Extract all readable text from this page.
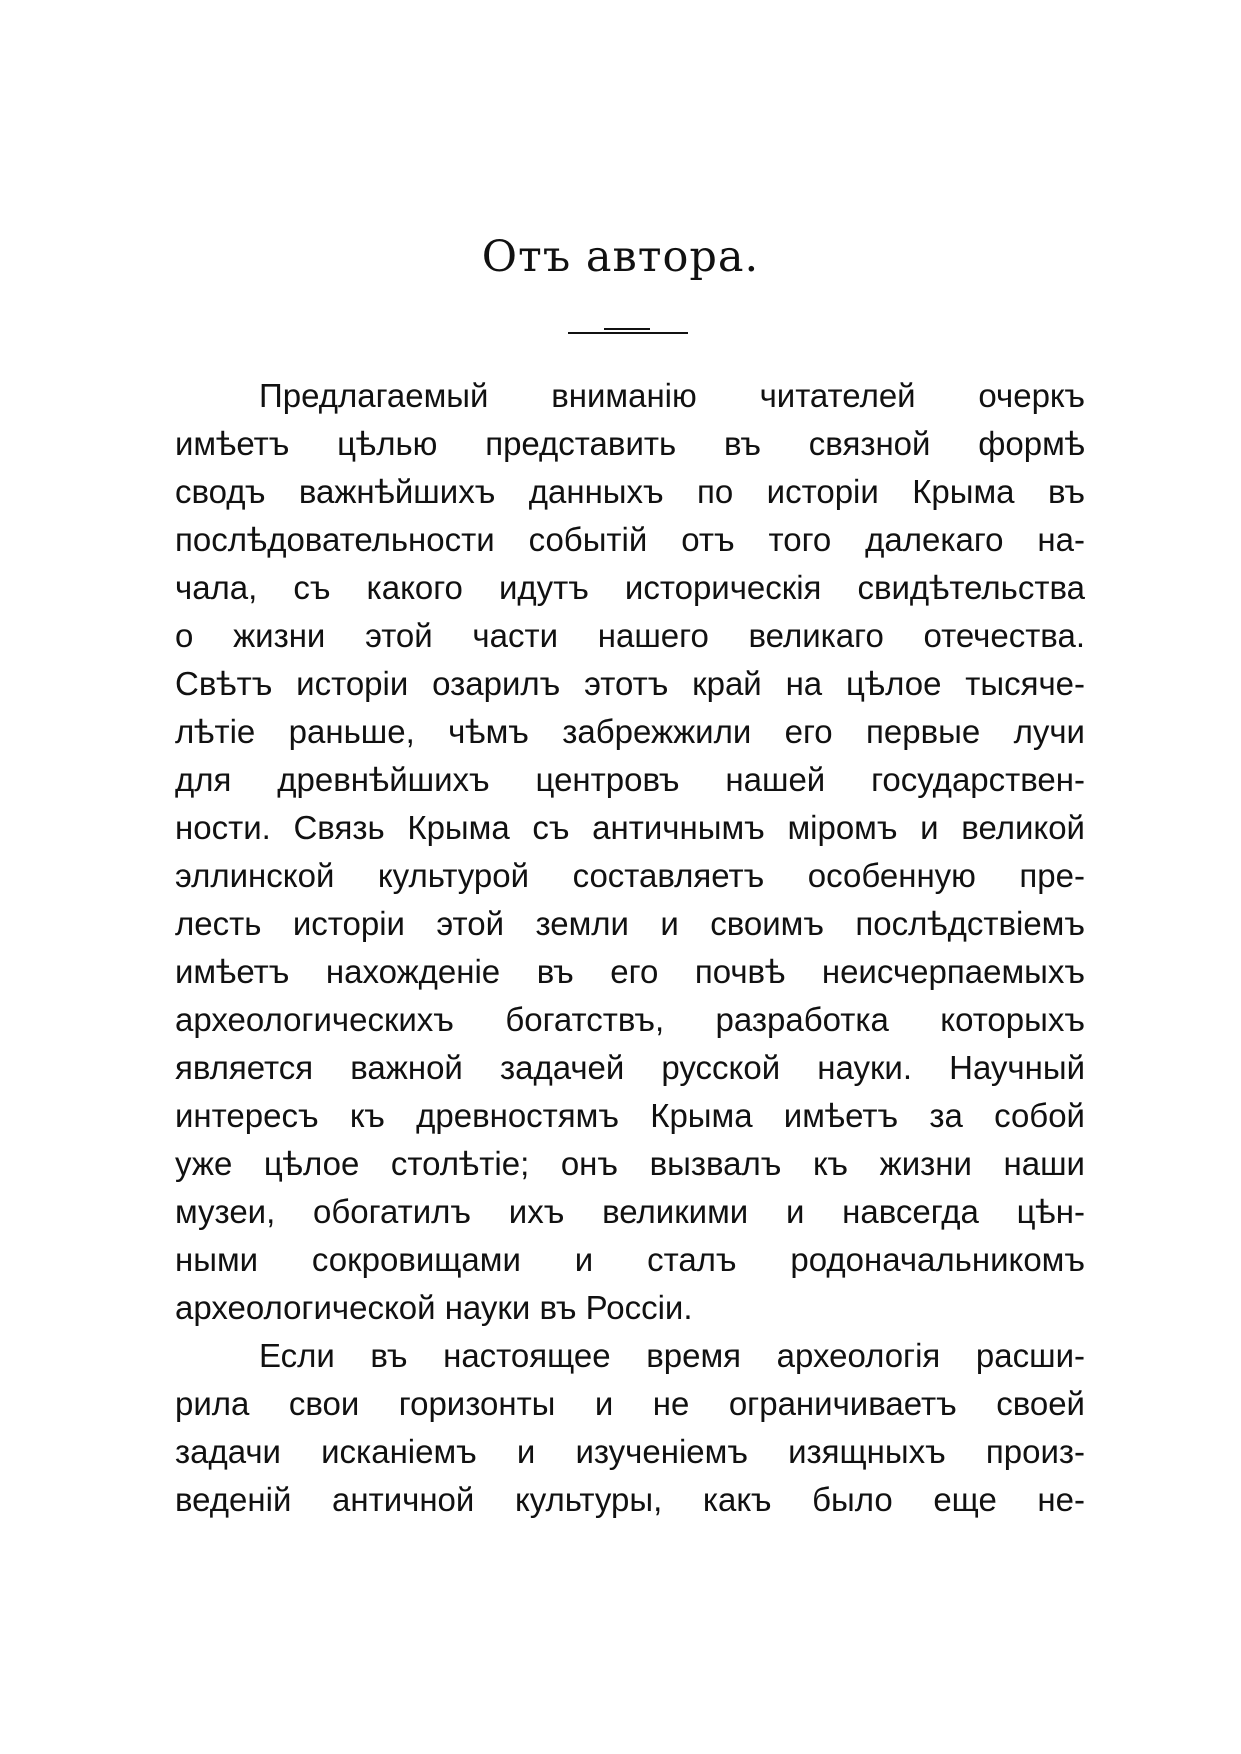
Отъ автора.
Предлагаемый вниманію читателей очеркъ
имѣетъ цѣлью представить въ связной формѣ
сводъ важнѣйшихъ данныхъ по исторіи Крыма въ
послѣдовательности событій отъ того далекаго на-
чала, съ какого идутъ историческія свидѣтельства
о жизни этой части нашего великаго отечества.
Свѣтъ исторіи озарилъ этотъ край на цѣлое тысяче-
лѣтіе раньше, чѣмъ забрежжили его первые лучи
для древнѣйшихъ центровъ нашей государствен-
ности. Связь Крыма съ античнымъ міромъ и великой
эллинской культурой составляетъ особенную пре-
лесть исторіи этой земли и своимъ послѣдствіемъ
имѣетъ нахожденіе въ его почвѣ неисчерпаемыхъ
археологическихъ богатствъ, разработка которыхъ
является важной задачей русской науки. Научный
интересъ къ древностямъ Крыма имѣетъ за собой
уже цѣлое столѣтіе; онъ вызвалъ къ жизни наши
музеи, обогатилъ ихъ великими и навсегда цѣн-
ными сокровищами и сталъ родоначальникомъ
археологической науки въ Россіи.
Если въ настоящее время археологія расши-
рила свои горизонты и не ограничиваетъ своей
задачи исканіемъ и изученіемъ изящныхъ произ-
веденій античной культуры, какъ было еще не-
